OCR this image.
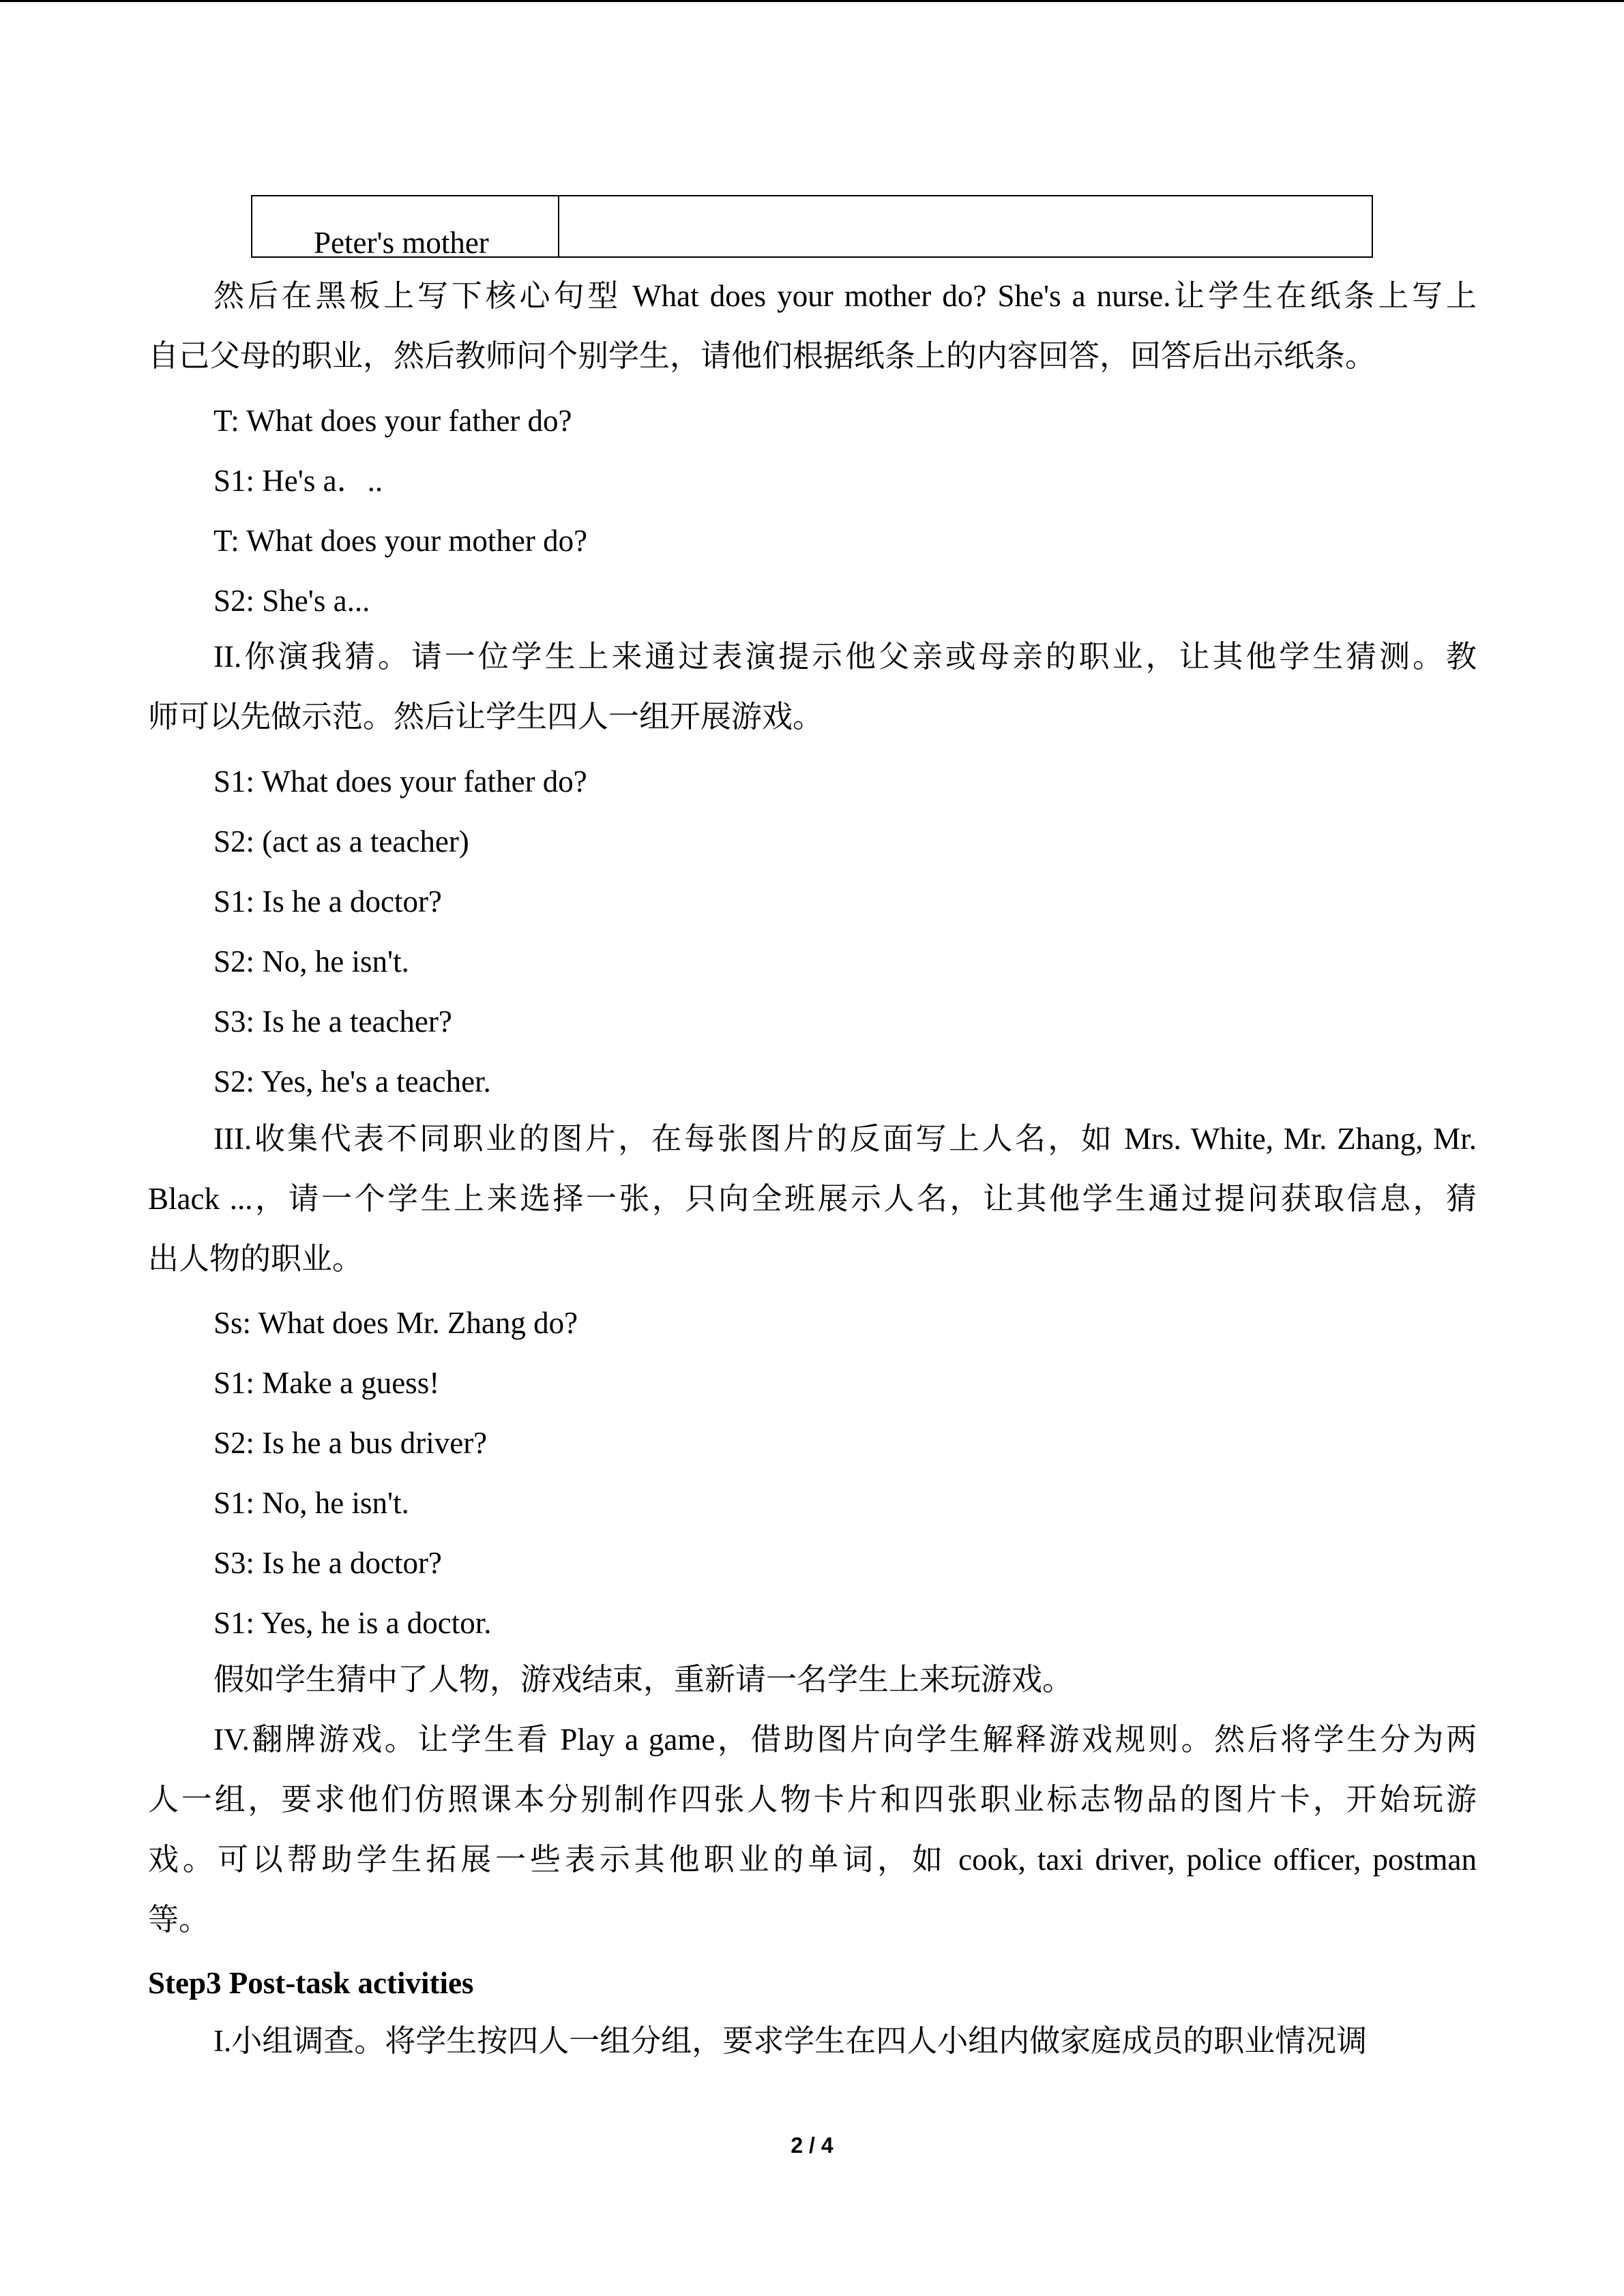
Peter's mother
然后在黑板上写下核心句型 What does your mother do? She's a nurse.让学生在纸条上写上
自己父母的职业，然后教师问个别学生，请他们根据纸条上的内容回答，回答后出示纸条。
T: What does your father do?
S1: He's a．..
T: What does your mother do?
S2: She's a...
II.你演我猜。请一位学生上来通过表演提示他父亲或母亲的职业，让其他学生猜测。教
师可以先做示范。然后让学生四人一组开展游戏。
S1: What does your father do?
S2: (act as a teacher)
S1: Is he a doctor?
S2: No, he isn't.
S3: Is he a teacher?
S2: Yes, he's a teacher.
III.收集代表不同职业的图片，在每张图片的反面写上人名，如 Mrs. White, Mr. Zhang, Mr.
Black ...，请一个学生上来选择一张，只向全班展示人名，让其他学生通过提问获取信息，猜
出人物的职业。
Ss: What does Mr. Zhang do?
S1: Make a guess!
S2: Is he a bus driver?
S1: No, he isn't.
S3: Is he a doctor?
S1: Yes, he is a doctor.
假如学生猜中了人物，游戏结束，重新请一名学生上来玩游戏。
IV.翻牌游戏。让学生看 Play a game，借助图片向学生解释游戏规则。然后将学生分为两
人一组，要求他们仿照课本分别制作四张人物卡片和四张职业标志物品的图片卡，开始玩游
戏。可以帮助学生拓展一些表示其他职业的单词，如 cook, taxi driver, police officer, postman
等。
Step3 Post-task activities
I.小组调查。将学生按四人一组分组，要求学生在四人小组内做家庭成员的职业情况调
2 / 4
